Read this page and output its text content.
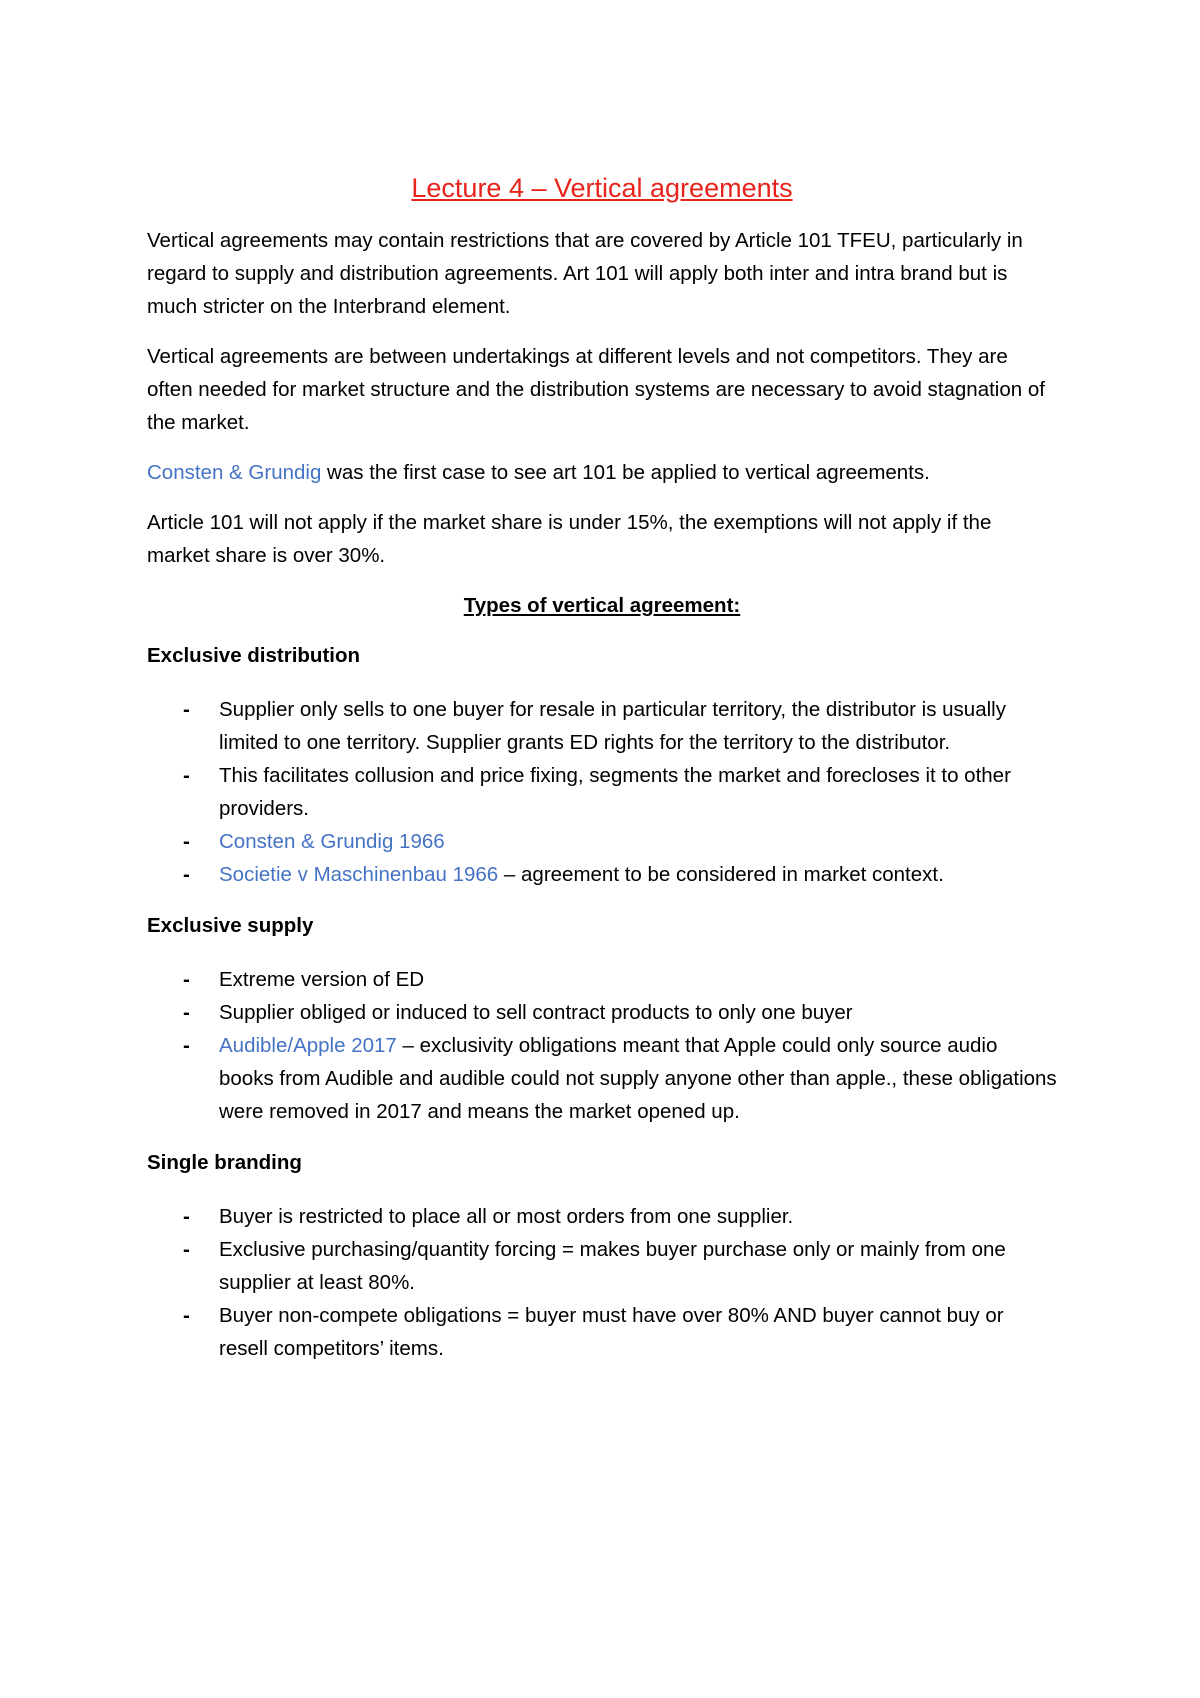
Lecture 4 – Vertical agreements

Vertical agreements may contain restrictions that are covered by Article 101 TFEU, particularly in regard to supply and distribution agreements. Art 101 will apply both inter and intra brand but is much stricter on the Interbrand element.

Vertical agreements are between undertakings at different levels and not competitors. They are often needed for market structure and the distribution systems are necessary to avoid stagnation of the market.

Consten & Grundig was the first case to see art 101 be applied to vertical agreements.

Article 101 will not apply if the market share is under 15%, the exemptions will not apply if the market share is over 30%.

Types of vertical agreement:
Exclusive distribution
- Supplier only sells to one buyer for resale in particular territory, the distributor is usually limited to one territory. Supplier grants ED rights for the territory to the distributor.
- This facilitates collusion and price fixing, segments the market and forecloses it to other providers.
- Consten & Grundig 1966
- Societie v Maschinenbau 1966 – agreement to be considered in market context.
Exclusive supply
- Extreme version of ED
- Supplier obliged or induced to sell contract products to only one buyer
- Audible/Apple 2017 – exclusivity obligations meant that Apple could only source audio books from Audible and audible could not supply anyone other than apple., these obligations were removed in 2017 and means the market opened up.
Single branding
- Buyer is restricted to place all or most orders from one supplier.
- Exclusive purchasing/quantity forcing = makes buyer purchase only or mainly from one supplier at least 80%.
- Buyer non-compete obligations = buyer must have over 80% AND buyer cannot buy or resell competitors’ items.
